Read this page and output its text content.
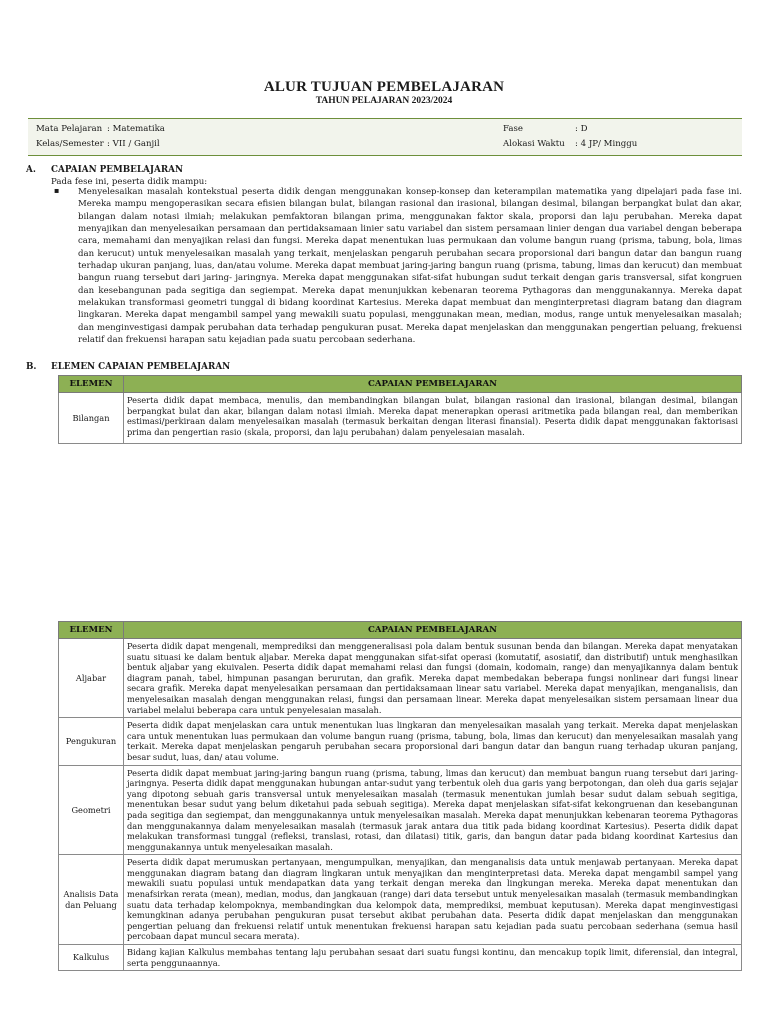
ALUR TUJUAN PEMBELAJARAN
TAHUN PELAJARAN 2023/2024
Mata Pelajaran : Matematika
Kelas/Semester : VII / Ganjil
Fase	: D
Alokasi Waktu : 4 JP/ Minggu
A. CAPAIAN PEMBELAJARAN
Pada fese ini, peserta didik mampu:
▪ Menyelesaikan masalah kontekstual peserta didik dengan menggunakan konsep-konsep dan keterampilan matematika yang dipelajari pada fase ini. Mereka mampu mengoperasikan secara efisien bilangan bulat, bilangan rasional dan irasional, bilangan desimal, bilangan berpangkat bulat dan akar, bilangan dalam notasi ilmiah; melakukan pemfaktoran bilangan prima, menggunakan faktor skala, proporsi dan laju perubahan. Mereka dapat menyajikan dan menyelesaikan persamaan dan pertidaksamaan linier satu variabel dan sistem persamaan linier dengan dua variabel dengan beberapa cara, memahami dan menyajikan relasi dan fungsi. Mereka dapat menentukan luas permukaan dan volume bangun ruang (prisma, tabung, bola, limas dan kerucut) untuk menyelesaikan masalah yang terkait, menjelaskan pengaruh perubahan secara proporsional dari bangun datar dan bangun ruang terhadap ukuran panjang, luas, dan/atau volume. Mereka dapat membuat jaring-jaring bangun ruang (prisma, tabung, limas dan kerucut) dan membuat bangun ruang tersebut dari jaring- jaringnya. Mereka dapat menggunakan sifat-sifat hubungan sudut terkait dengan garis transversal, sifat kongruen dan kesebangunan pada segitiga dan segiempat. Mereka dapat menunjukkan kebenaran teorema Pythagoras dan menggunakannya. Mereka dapat melakukan transformasi geometri tunggal di bidang koordinat Kartesius. Mereka dapat membuat dan menginterpretasi diagram batang dan diagram lingkaran. Mereka dapat mengambil sampel yang mewakili suatu populasi, menggunakan mean, median, modus, range untuk menyelesaikan masalah; dan menginvestigasi dampak perubahan data terhadap pengukuran pusat. Mereka dapat menjelaskan dan menggunakan pengertian peluang, frekuensi relatif dan frekuensi harapan satu kejadian pada suatu percobaan sederhana.

B. ELEMEN CAPAIAN PEMBELAJARAN
ELEMEN	CAPAIAN PEMBELAJARAN
Bilangan	Peserta didik dapat membaca, menulis, dan membandingkan bilangan bulat, bilangan rasional dan irasional, bilangan desimal, bilangan berpangkat bulat dan akar, bilangan dalam notasi ilmiah. Mereka dapat menerapkan operasi aritmetika pada bilangan real, dan memberikan estimasi/perkiraan dalam menyelesaikan masalah (termasuk berkaitan dengan literasi finansial). Peserta didik dapat menggunakan faktorisasi prima dan pengertian rasio (skala, proporsi, dan laju perubahan) dalam penyelesaian masalah.
ELEMEN	CAPAIAN PEMBELAJARAN
Aljabar	Peserta didik dapat mengenali, memprediksi dan menggeneralisasi pola dalam bentuk susunan benda dan bilangan. Mereka dapat menyatakan suatu situasi ke dalam bentuk aljabar. Mereka dapat menggunakan sifat-sifat operasi (komutatif, asosiatif, dan distributif) untuk menghasilkan bentuk aljabar yang ekuivalen. Peserta didik dapat memahami relasi dan fungsi (domain, kodomain, range) dan menyajikannya dalam bentuk diagram panah, tabel, himpunan pasangan berurutan, dan grafik. Mereka dapat membedakan beberapa fungsi nonlinear dari fungsi linear secara grafik. Mereka dapat menyelesaikan persamaan dan pertidaksamaan linear satu variabel. Mereka dapat menyajikan, menganalisis, dan menyelesaikan masalah dengan menggunakan relasi, fungsi dan persamaan linear. Mereka dapat menyelesaikan sistem persamaan linear dua variabel melalui beberapa cara untuk penyelesaian masalah.
Pengukuran	Peserta didik dapat menjelaskan cara untuk menentukan luas lingkaran dan menyelesaikan masalah yang terkait. Mereka dapat menjelaskan cara untuk menentukan luas permukaan dan volume bangun ruang (prisma, tabung, bola, limas dan kerucut) dan menyelesaikan masalah yang terkait. Mereka dapat menjelaskan pengaruh perubahan secara proporsional dari bangun datar dan bangun ruang terhadap ukuran panjang, besar sudut, luas, dan/ atau volume.
Geometri	Peserta didik dapat membuat jaring-jaring bangun ruang (prisma, tabung, limas dan kerucut) dan membuat bangun ruang tersebut dari jaring-jaringnya. Peserta didik dapat menggunakan hubungan antar-sudut yang terbentuk oleh dua garis yang berpotongan, dan oleh dua garis sejajar yang dipotong sebuah garis transversal untuk menyelesaikan masalah (termasuk menentukan jumlah besar sudut dalam sebuah segitiga, menentukan besar sudut yang belum diketahui pada sebuah segitiga). Mereka dapat menjelaskan sifat-sifat kekongruenan dan kesebangunan pada segitiga dan segiempat, dan menggunakannya untuk menyelesaikan masalah. Mereka dapat menunjukkan kebenaran teorema Pythagoras dan menggunakannya dalam menyelesaikan masalah (termasuk jarak antara dua titik pada bidang koordinat Kartesius). Peserta didik dapat melakukan transformasi tunggal (refleksi, translasi, rotasi, dan dilatasi) titik, garis, dan bangun datar pada bidang koordinat Kartesius dan menggunakannya untuk menyelesaikan masalah.
Analisis Data dan Peluang	Peserta didik dapat merumuskan pertanyaan, mengumpulkan, menyajikan, dan menganalisis data untuk menjawab pertanyaan. Mereka dapat menggunakan diagram batang dan diagram lingkaran untuk menyajikan dan menginterpretasi data. Mereka dapat mengambil sampel yang mewakili suatu populasi untuk mendapatkan data yang terkait dengan mereka dan lingkungan mereka. Mereka dapat menentukan dan menafsirkan rerata (mean), median, modus, dan jangkauan (range) dari data tersebut untuk menyelesaikan masalah (termasuk membandingkan suatu data terhadap kelompoknya, membandingkan dua kelompok data, memprediksi, membuat keputusan). Mereka dapat menginvestigasi kemungkinan adanya perubahan pengukuran pusat tersebut akibat perubahan data. Peserta didik dapat menjelaskan dan menggunakan pengertian peluang dan frekuensi relatif untuk menentukan frekuensi harapan satu kejadian pada suatu percobaan sederhana (semua hasil percobaan dapat muncul secara merata).
Kalkulus	Bidang kajian Kalkulus membahas tentang laju perubahan sesaat dari suatu fungsi kontinu, dan mencakup topik limit, diferensial, dan integral, serta penggunaannya.
